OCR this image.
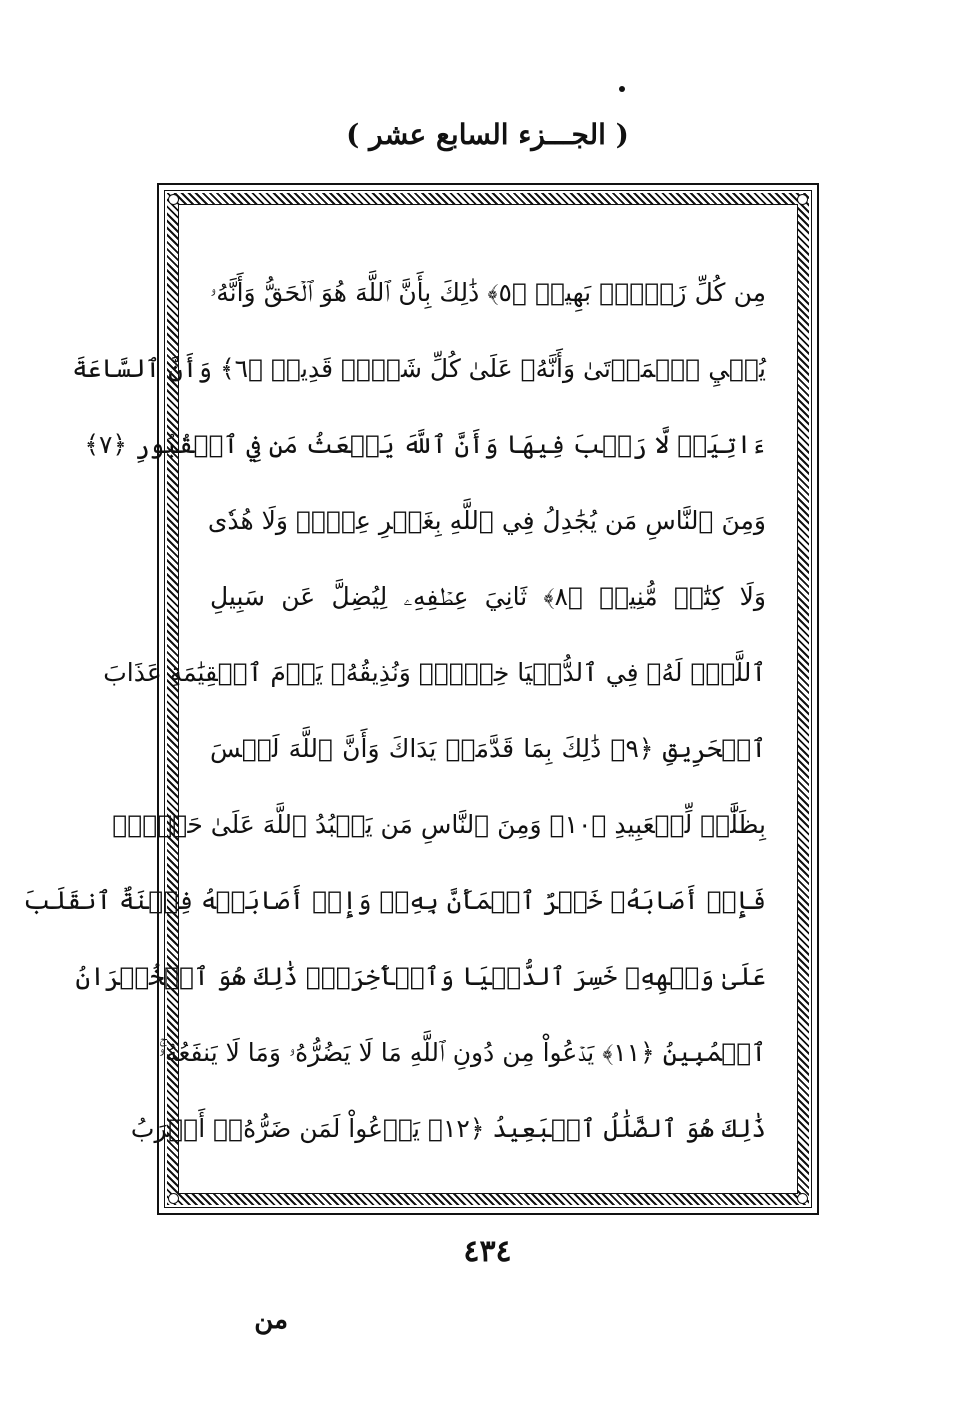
( الجـــزء السابع عشر )
مِن كُلِّ زَوۡجِۢ بَهِيجٖ ﴿٥﴾ ذَٰلِكَ بِأَنَّ ٱللَّهَ هُوَ ٱلۡحَقُّ وَأَنَّهُۥ
يُحۡيِ ٱلۡمَوۡتَىٰ وَأَنَّهُۥ عَلَىٰ كُلِّ شَيۡءٖ قَدِيرٞ ﴿٦﴾ وَأَنَّ ٱلسَّاعَةَ
ءَاتِيَةٞ لَّا رَيۡبَ فِيهَا وَأَنَّ ٱللَّهَ يَبۡعَثُ مَن فِي ٱلۡقُبُورِ ﴿٧﴾
وَمِنَ ٱلنَّاسِ مَن يُجَٰدِلُ فِي ٱللَّهِ بِغَيۡرِ عِلۡمٖ وَلَا هُدٗى
وَلَا كِتَٰبٖ مُّنِيرٖ ﴿٨﴾ ثَانِيَ عِطۡفِهِۦ لِيُضِلَّ عَن سَبِيلِ
ٱللَّهِۖ لَهُۥ فِي ٱلدُّنۡيَا خِزۡيٞۖ وَنُذِيقُهُۥ يَوۡمَ ٱلۡقِيَٰمَةِ عَذَابَ
ٱلۡحَرِيقِ ﴿٩﴾ ذَٰلِكَ بِمَا قَدَّمَتۡ يَدَاكَ وَأَنَّ ٱللَّهَ لَيۡسَ
بِظَلَّٰمٖ لِّلۡعَبِيدِ ﴿١٠﴾ وَمِنَ ٱلنَّاسِ مَن يَعۡبُدُ ٱللَّهَ عَلَىٰ حَرۡفٖۖ
فَإِنۡ أَصَابَهُۥ خَيۡرٌ ٱطۡمَأَنَّ بِهِۦۖ وَإِنۡ أَصَابَتۡهُ فِتۡنَةٌ ٱنقَلَبَ
عَلَىٰ وَجۡهِهِۦ خَسِرَ ٱلدُّنۡيَا وَٱلۡأٓخِرَةَۚ ذَٰلِكَ هُوَ ٱلۡخُسۡرَانُ
ٱلۡمُبِينُ ﴿١١﴾ يَدۡعُواْ مِن دُونِ ٱللَّهِ مَا لَا يَضُرُّهُۥ وَمَا لَا يَنفَعُهُۥۚ
ذَٰلِكَ هُوَ ٱلضَّلَٰلُ ٱلۡبَعِيدُ ﴿١٢﴾ يَدۡعُواْ لَمَن ضَرُّهُۥٓ أَقۡرَبُ
٤٣٤
من
